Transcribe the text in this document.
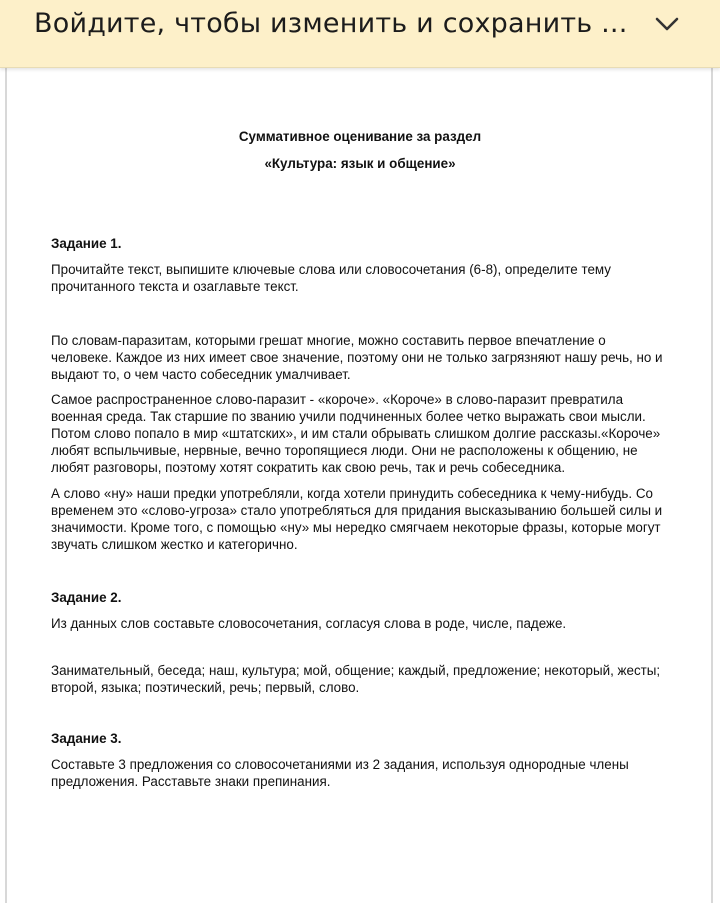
Войдите, чтобы изменить и сохранить ...

Суммативное оценивание за раздел

«Культура: язык и общение»

Задание 1.

Прочитайте текст, выпишите ключевые слова или словосочетания (6-8), определите тему прочитанного текста и озаглавьте текст.

По словам-паразитам, которыми грешат многие, можно составить первое впечатление о человеке. Каждое из них имеет свое значение, поэтому они не только загрязняют нашу речь, но и выдают то, о чем часто собеседник умалчивает.

Самое распространенное слово-паразит - «короче». «Короче» в слово-паразит превратила военная среда. Так старшие по званию учили подчиненных более четко выражать свои мысли. Потом слово попало в мир «штатских», и им стали обрывать слишком долгие рассказы.«Короче» любят вспыльчивые, нервные, вечно торопящиеся люди. Они не расположены к общению, не любят разговоры, поэтому хотят сократить как свою речь, так и речь собеседника.

А слово «ну» наши предки употребляли, когда хотели принудить собеседника к чему-нибудь. Со временем это «слово-угроза» стало употребляться для придания высказыванию большей силы и значимости. Кроме того, с помощью «ну» мы нередко смягчаем некоторые фразы, которые могут звучать слишком жестко и категорично.

Задание 2.

Из данных слов составьте словосочетания, согласуя слова в роде, числе, падеже.

Занимательный, беседа; наш, культура; мой, общение; каждый, предложение; некоторый, жесты; второй, языка; поэтический, речь; первый, слово.

Задание 3.

Составьте 3 предложения со словосочетаниями из 2 задания, используя однородные члены предложения. Расставьте знаки препинания.
